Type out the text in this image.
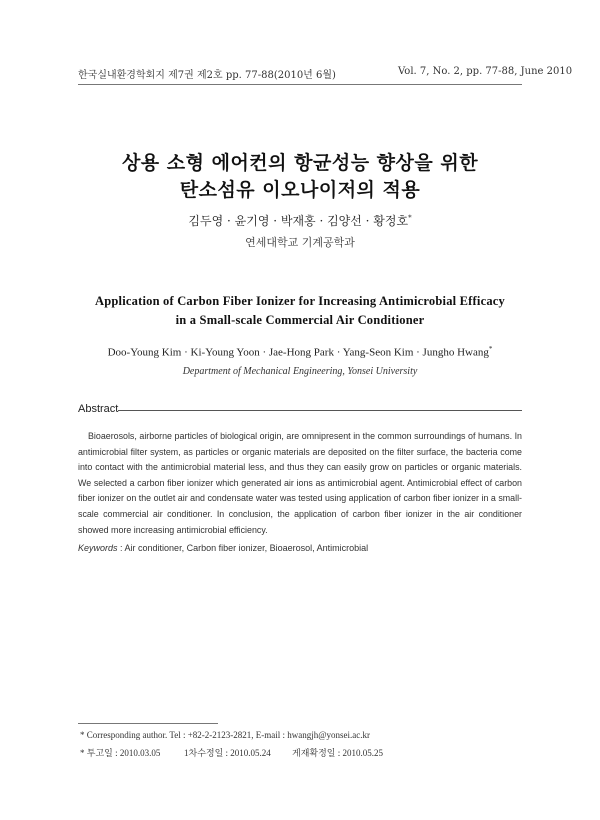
한국실내환경학회지 제7권 제2호 pp. 77-88(2010년 6월)	Vol. 7, No. 2, pp. 77-88, June 2010
상용 소형 에어컨의 항균성능 향상을 위한
탄소섬유 이오나이저의 적용
김두영 · 윤기영 · 박재홍 · 김양선 · 황정호*
연세대학교 기계공학과
Application of Carbon Fiber Ionizer for Increasing Antimicrobial Efficacy
in a Small-scale Commercial Air Conditioner
Doo-Young Kim · Ki-Young Yoon · Jae-Hong Park · Yang-Seon Kim · Jungho Hwang*
Department of Mechanical Engineering, Yonsei University
Abstract
Bioaerosols, airborne particles of biological origin, are omnipresent in the common surroundings of humans. In antimicrobial filter system, as particles or organic materials are deposited on the filter surface, the bacteria come into contact with the antimicrobial material less, and thus they can easily grow on particles or organic materials. We selected a carbon fiber ionizer which generated air ions as antimicrobial agent. Antimicrobial effect of carbon fiber ionizer on the outlet air and condensate water was tested using application of carbon fiber ionizer in a small-scale commercial air conditioner. In conclusion, the application of carbon fiber ionizer in the air conditioner showed more increasing antimicrobial efficiency.
Keywords : Air conditioner, Carbon fiber ionizer, Bioaerosol, Antimicrobial
* Corresponding author. Tel : +82-2-2123-2821, E-mail : hwangjh@yonsei.ac.kr
* 투고일 : 2010.03.05	1차수정일 : 2010.05.24 게재확정일 : 2010.05.25
